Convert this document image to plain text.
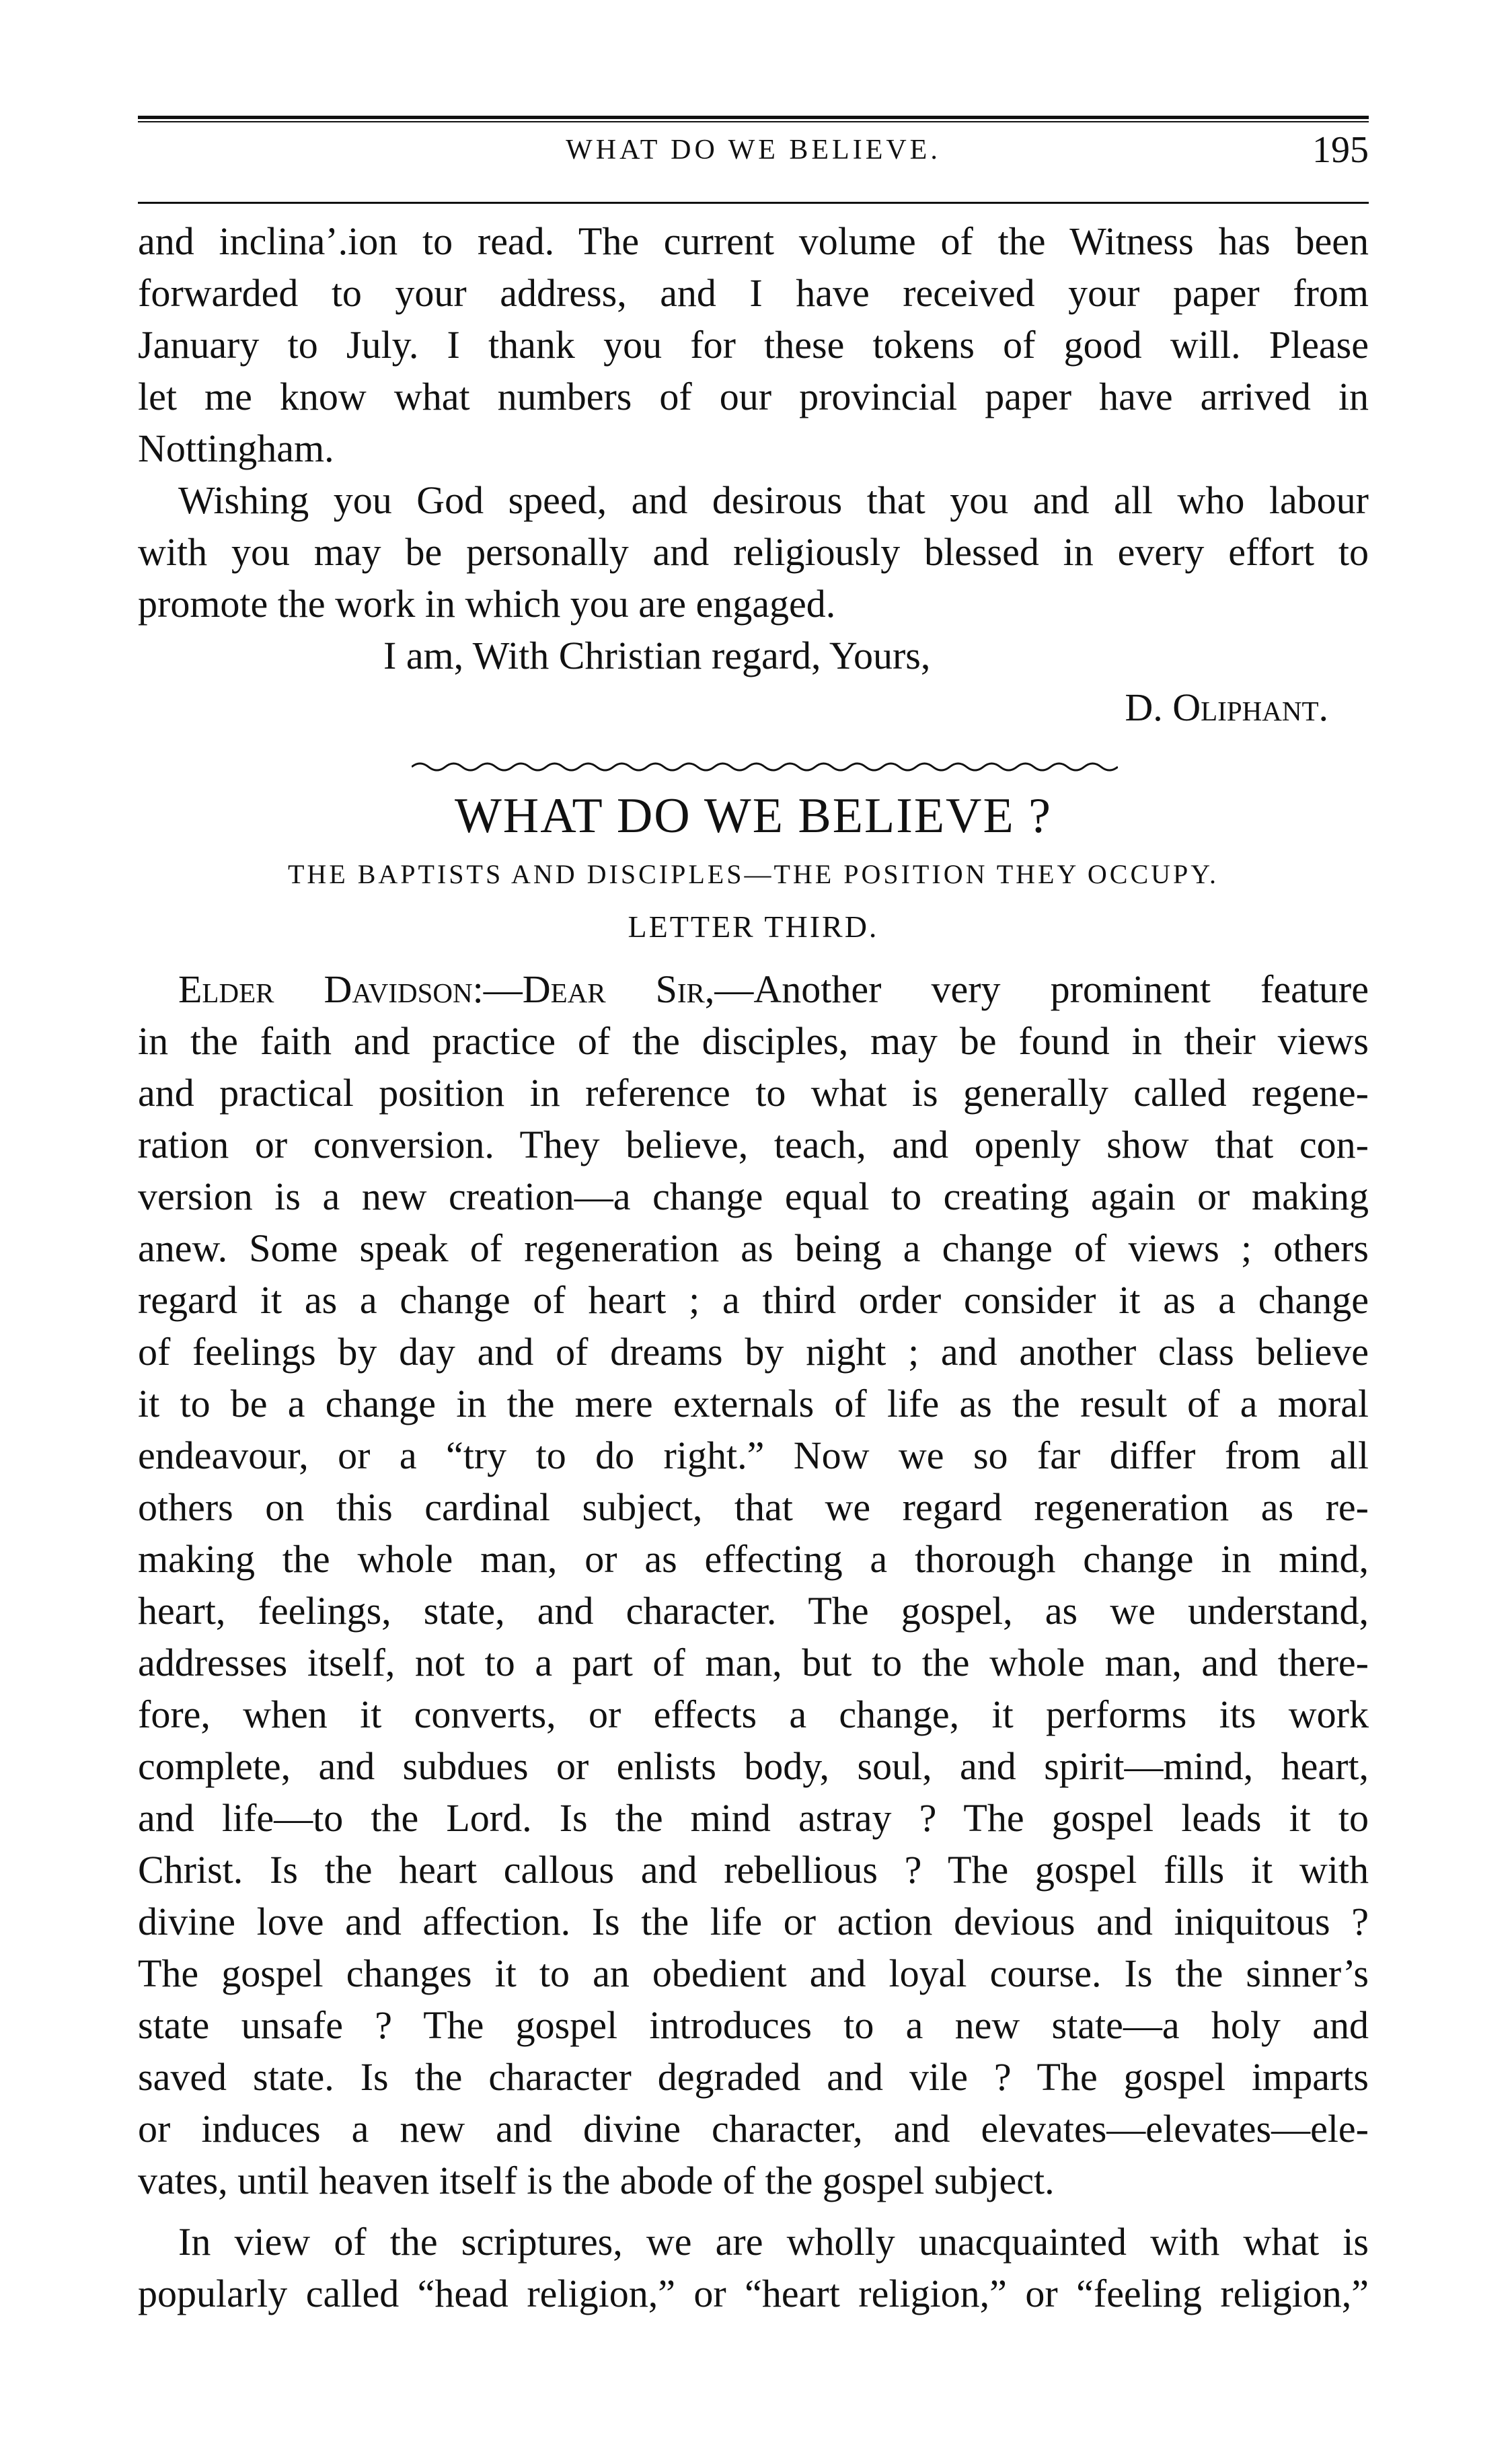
WHAT DO WE BELIEVE.	195
and inclina’.ion to read. The current volume of the Witness has been
forwarded to your address, and I have received your paper from
January to July. I thank you for these tokens of good will. Please
let me know what numbers of our provincial paper have arrived in
Nottingham.
Wishing you God speed, and desirous that you and all who labour
with you may be personally and religiously blessed in every effort to
promote the work in which you are engaged.
I am, With Christian regard, Yours,
D. Oliphant.
WHAT DO WE BELIEVE ?
THE BAPTISTS AND DISCIPLES—THE POSITION THEY OCCUPY.
LETTER THIRD.
Elder Davidson:—Dear Sir,—Another very prominent feature
in the faith and practice of the disciples, may be found in their views
and practical position in reference to what is generally called regene-
ration or conversion. They believe, teach, and openly show that con-
version is a new creation—a change equal to creating again or making
anew. Some speak of regeneration as being a change of views ; others
regard it as a change of heart ; a third order consider it as a change
of feelings by day and of dreams by night ; and another class believe
it to be a change in the mere externals of life as the result of a moral
endeavour, or a “try to do right.” Now we so far differ from all
others on this cardinal subject, that we regard regeneration as re-
making the whole man, or as effecting a thorough change in mind,
heart, feelings, state, and character. The gospel, as we understand,
addresses itself, not to a part of man, but to the whole man, and there-
fore, when it converts, or effects a change, it performs its work
complete, and subdues or enlists body, soul, and spirit—mind, heart,
and life—to the Lord. Is the mind astray ? The gospel leads it to
Christ. Is the heart callous and rebellious ? The gospel fills it with
divine love and affection. Is the life or action devious and iniquitous ?
The gospel changes it to an obedient and loyal course. Is the sinner’s
state unsafe ? The gospel introduces to a new state—a holy and
saved state. Is the character degraded and vile ? The gospel imparts
or induces a new and divine character, and elevates—elevates—ele-
vates, until heaven itself is the abode of the gospel subject.
In view of the scriptures, we are wholly unacquainted with what is
popularly called “head religion,” or “heart religion,” or “feeling religion,”
